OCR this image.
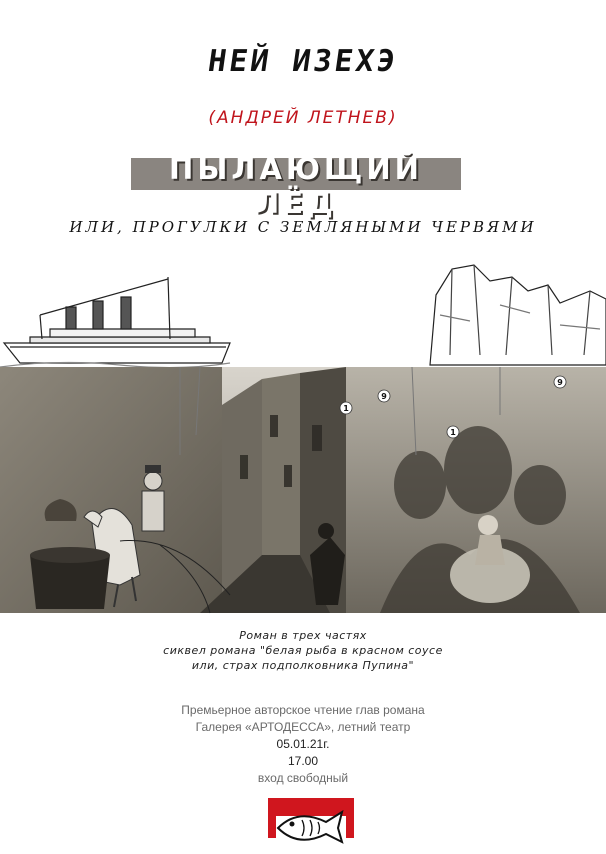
НЕЙ ИЗЕХЭ
(АНДРЕЙ ЛЕТНЕВ)
ПЫЛАЮЩИЙ ЛЁД
ИЛИ, ПРОГУЛКИ С ЗЕМЛЯНЫМИ ЧЕРВЯМИ
1
9
1
9
Роман в трех частях
сиквел романа "белая рыба в красном соусе
или, страх подполковника Пупина"
Премьерное авторское чтение глав романа
Галерея «АРТОДЕССА», летний театр
05.01.21г.
17.00
вход свободный
